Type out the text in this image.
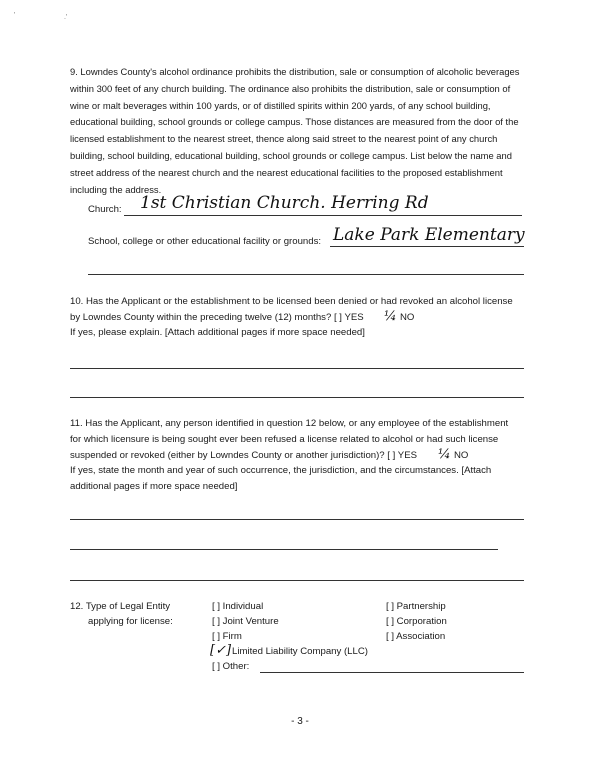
'	.'

9. Lowndes County's alcohol ordinance prohibits the distribution, sale or consumption of alcoholic beverages within 300 feet of any church building. The ordinance also prohibits the distribution, sale or consumption of wine or malt beverages within 100 yards, or of distilled spirits within 200 yards, of any school building, educational building, school grounds or college campus. Those distances are measured from the door of the licensed establishment to the nearest street, thence along said street to the nearest point of any church building, school building, educational building, school grounds or college campus. List below the name and street address of the nearest church and the nearest educational facilities to the proposed establishment including the address.

Church: 1st Christian Church. Herring Rd
School, college or other educational facility or grounds: Lake Park Elementary
10. Has the Applicant or the establishment to be licensed been denied or had revoked an alcohol license
by Lowndes County within the preceding twelve (12) months? [ ] YES ¼ NO
If yes, please explain. [Attach additional pages if more space needed]
11. Has the Applicant, any person identified in question 12 below, or any employee of the establishment
for which licensure is being sought ever been refused a license related to alcohol or had such license
suspended or revoked (either by Lowndes County or another jurisdiction)? [ ] YES ¼ NO
If yes, state the month and year of such occurrence, the jurisdiction, and the circumstances. [Attach
additional pages if more space needed]
12. Type of Legal Entity
applying for license:
[ ] Individual
[ ] Joint Venture
[ ] Firm
[✓] Limited Liability Company (LLC)
[ ] Other:
[ ] Partnership
[ ] Corporation
[ ] Association
- 3 -
